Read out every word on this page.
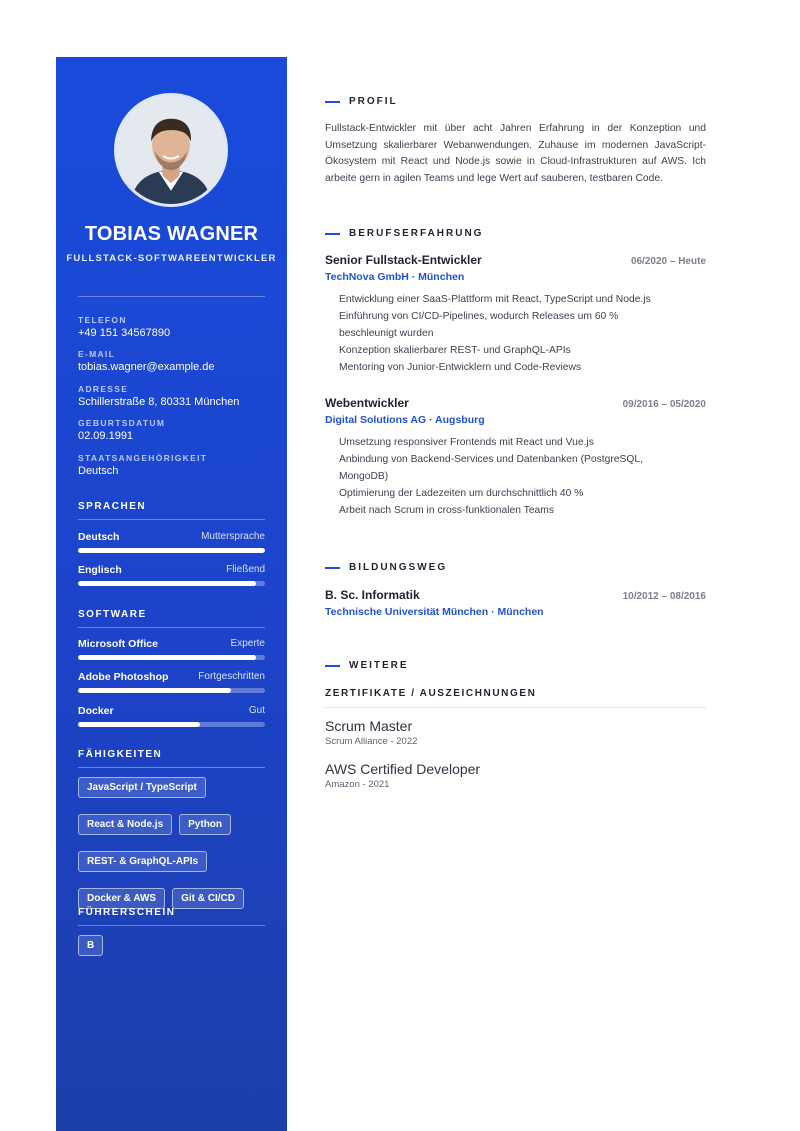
TOBIAS WAGNER
FULLSTACK-SOFTWAREENTWICKLER
TELEFON
+49 151 34567890
E-MAIL
tobias.wagner@example.de
ADRESSE
Schillerstraße 8, 80331 München
GEBURTSDATUM
02.09.1991
STAATSANGEHÖRIGKEIT
Deutsch
SPRACHEN
Deutsch	Muttersprache
Englisch	Fließend
SOFTWARE
Microsoft Office	Experte
Adobe Photoshop	Fortgeschritten
Docker	Gut
FÄHIGKEITEN
JavaScript / TypeScript
React & Node.js	Python
REST- & GraphQL-APIs
Docker & AWS	Git & CI/CD
FÜHRERSCHEIN
B
PROFIL
Fullstack-Entwickler mit über acht Jahren Erfahrung in der Konzeption und Umsetzung skalierbarer Webanwendungen. Zuhause im modernen JavaScript-Ökosystem mit React und Node.js sowie in Cloud-Infrastrukturen auf AWS. Ich arbeite gern in agilen Teams und lege Wert auf sauberen, testbaren Code.
BERUFSERFAHRUNG
Senior Fullstack-Entwickler	06/2020 – Heute
TechNova GmbH · München
Entwicklung einer SaaS-Plattform mit React, TypeScript und Node.js
Einführung von CI/CD-Pipelines, wodurch Releases um 60 % beschleunigt wurden
Konzeption skalierbarer REST- und GraphQL-APIs
Mentoring von Junior-Entwicklern und Code-Reviews
Webentwickler	09/2016 – 05/2020
Digital Solutions AG · Augsburg
Umsetzung responsiver Frontends mit React und Vue.js
Anbindung von Backend-Services und Datenbanken (PostgreSQL, MongoDB)
Optimierung der Ladezeiten um durchschnittlich 40 %
Arbeit nach Scrum in cross-funktionalen Teams
BILDUNGSWEG
B. Sc. Informatik	10/2012 – 08/2016
Technische Universität München · München
WEITERE
ZERTIFIKATE / AUSZEICHNUNGEN
Scrum Master
Scrum Alliance - 2022
AWS Certified Developer
Amazon - 2021
